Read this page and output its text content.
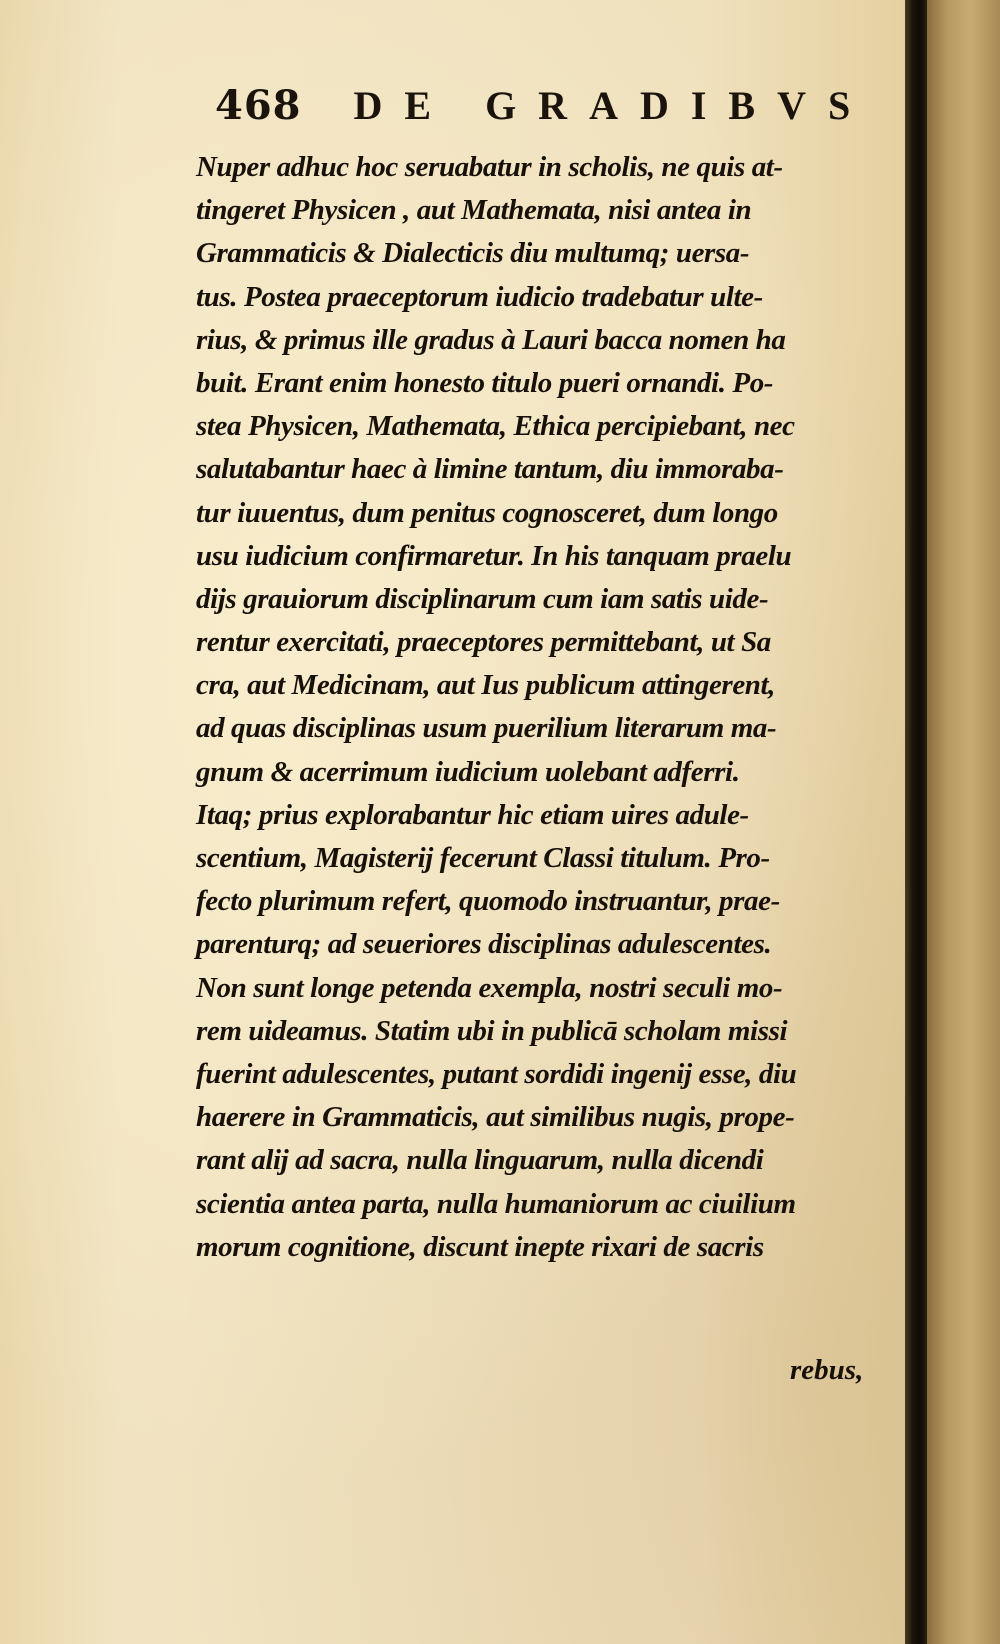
468 DE GRADIBVS
Nuper adhuc hoc seruabatur in scholis, ne quis at-
tingeret Physicen , aut Mathemata, nisi antea in
Grammaticis & Dialecticis diu multumq; uersa-
tus. Postea praeceptorum iudicio tradebatur ulte-
rius, & primus ille gradus à Lauri bacca nomen ha
buit. Erant enim honesto titulo pueri ornandi. Po-
stea Physicen, Mathemata, Ethica percipiebant, nec
salutabantur haec à limine tantum, diu immoraba-
tur iuuentus, dum penitus cognosceret, dum longo
usu iudicium confirmaretur. In his tanquam praelu
dijs grauiorum disciplinarum cum iam satis uide-
rentur exercitati, praeceptores permittebant, ut Sa
cra, aut Medicinam, aut Ius publicum attingerent,
ad quas disciplinas usum puerilium literarum ma-
gnum & acerrimum iudicium uolebant adferri.
Itaq; prius explorabantur hic etiam uires adule-
scentium, Magisterij fecerunt Classi titulum. Pro-
fecto plurimum refert, quomodo instruantur, prae-
parenturq; ad seueriores disciplinas adulescentes.
Non sunt longe petenda exempla, nostri seculi mo-
rem uideamus. Statim ubi in publicā scholam missi
fuerint adulescentes, putant sordidi ingenij esse, diu
haerere in Grammaticis, aut similibus nugis, prope-
rant alij ad sacra, nulla linguarum, nulla dicendi
scientia antea parta, nulla humaniorum ac ciuilium
morum cognitione, discunt inepte rixari de sacris
rebus,
